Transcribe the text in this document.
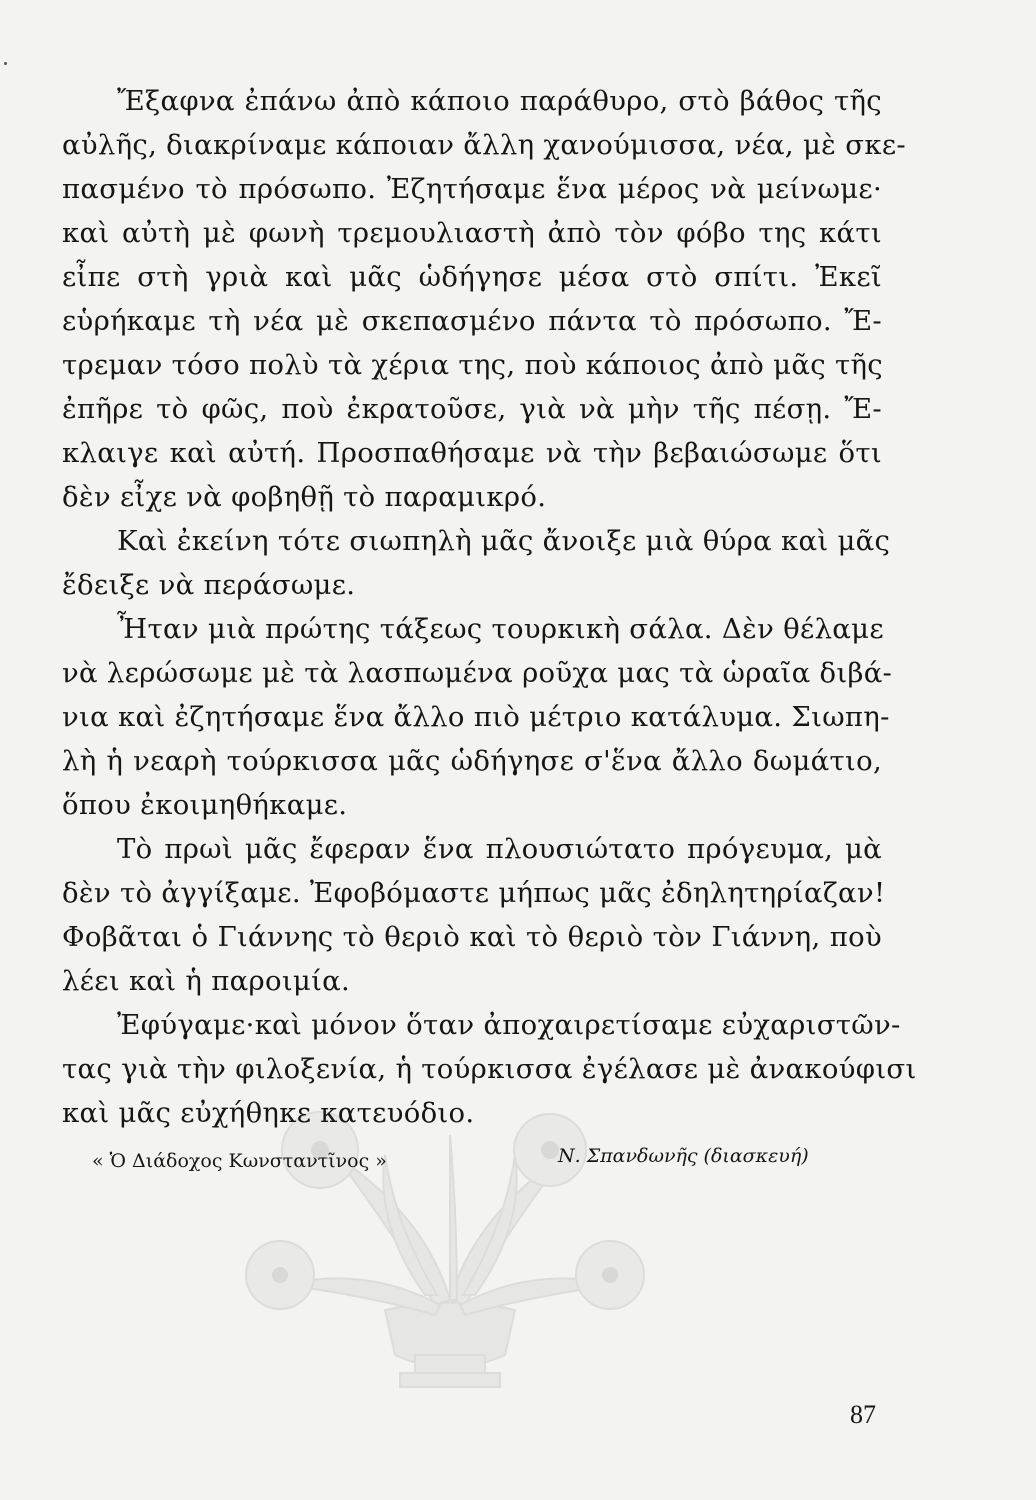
Ἔξαφνα ἐπάνω ἀπὸ κάποιο παράθυρο, στὸ βάθος τῆς
αὐλῆς, διακρίναμε κάποιαν ἄλλη χανούμισσα, νέα, μὲ σκε-
πασμένο τὸ πρόσωπο. Ἐζητήσαμε ἕνα μέρος νὰ μείνωμε·
καὶ αὐτὴ μὲ φωνὴ τρεμουλιαστὴ ἀπὸ τὸν φόβο της κάτι
εἶπε στὴ γριὰ καὶ μᾶς ὡδήγησε μέσα στὸ σπίτι. Ἐκεῖ
εὑρήκαμε τὴ νέα μὲ σκεπασμένο πάντα τὸ πρόσωπο. Ἔ-
τρεμαν τόσο πολὺ τὰ χέρια της, ποὺ κάποιος ἀπὸ μᾶς τῆς
ἐπῆρε τὸ φῶς, ποὺ ἐκρατοῦσε, γιὰ νὰ μὴν τῆς πέσῃ. Ἔ-
κλαιγε καὶ αὐτή. Προσπαθήσαμε νὰ τὴν βεβαιώσωμε ὅτι
δὲν εἶχε νὰ φοβηθῇ τὸ παραμικρό.
Καὶ ἐκείνη τότε σιωπηλὴ μᾶς ἄνοιξε μιὰ θύρα καὶ μᾶς
ἔδειξε νὰ περάσωμε.
Ἦταν μιὰ πρώτης τάξεως τουρκικὴ σάλα. Δὲν θέλαμε
νὰ λερώσωμε μὲ τὰ λασπωμένα ροῦχα μας τὰ ὡραῖα διβά-
νια καὶ ἐζητήσαμε ἕνα ἄλλο πιὸ μέτριο κατάλυμα. Σιωπη-
λὴ ἡ νεαρὴ τούρκισσα μᾶς ὡδήγησε σ'ἕνα ἄλλο δωμάτιο,
ὅπου ἐκοιμηθήκαμε.
Τὸ πρωὶ μᾶς ἔφεραν ἕνα πλουσιώτατο πρόγευμα, μὰ
δὲν τὸ ἀγγίξαμε. Ἐφοβόμαστε μήπως μᾶς ἐδηλητηρίαζαν!
Φοβᾶται ὁ Γιάννης τὸ θεριὸ καὶ τὸ θεριὸ τὸν Γιάννη, ποὺ
λέει καὶ ἡ παροιμία.
Ἐφύγαμε·καὶ μόνον ὅταν ἀποχαιρετίσαμε εὐχαριστῶν-
τας γιὰ τὴν φιλοξενία, ἡ τούρκισσα ἐγέλασε μὲ ἀνακούφισι
καὶ μᾶς εὐχήθηκε κατευόδιο.
« Ὁ Διάδοχος Κωνσταντῖνος »	Ν. Σπανδωνῆς (διασκευή)
87
